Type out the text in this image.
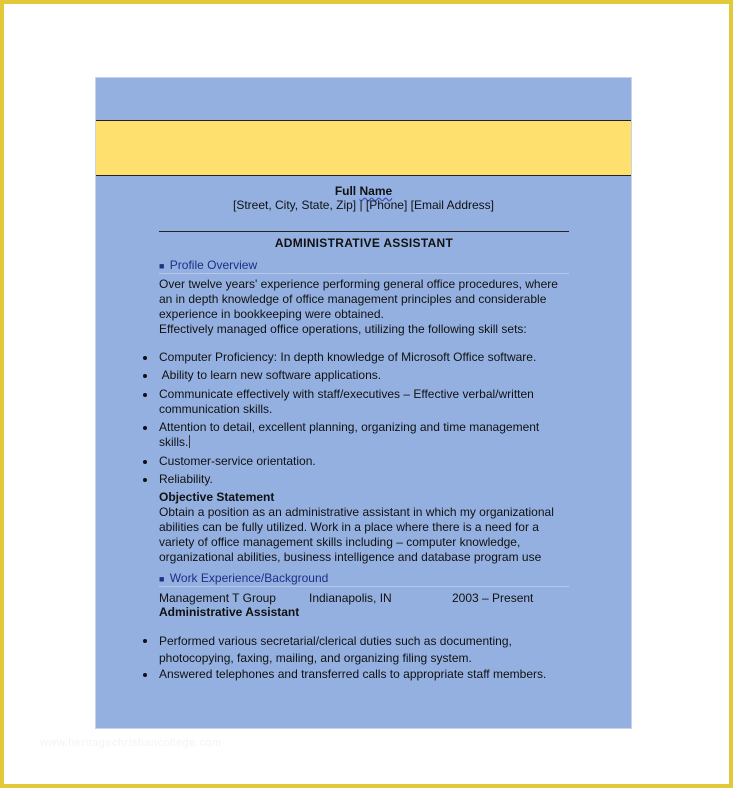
Full Name
[Street, City, State, Zip] | [Phone] [Email Address]
ADMINISTRATIVE ASSISTANT
■ Profile Overview
Over twelve years' experience performing general office procedures, where
an in depth knowledge of office management principles and considerable
experience in bookkeeping were obtained.
Effectively managed office operations, utilizing the following skill sets:
Computer Proficiency: In depth knowledge of Microsoft Office software.
Ability to learn new software applications.
Communicate effectively with staff/executives – Effective verbal/written
communication skills.
Attention to detail, excellent planning, organizing and time management
skills.
Customer-service orientation.
Reliability.
Objective Statement
Obtain a position as an administrative assistant in which my organizational
abilities can be fully utilized. Work in a place where there is a need for a
variety of office management skills including – computer knowledge,
organizational abilities, business intelligence and database program use
■ Work Experience/Background
Management T Group	Indianapolis, IN	2003 – Present
Administrative Assistant
Performed various secretarial/clerical duties such as documenting,
photocopying, faxing, mailing, and organizing filing system.
Answered telephones and transferred calls to appropriate staff members.
www.heritagechristiancollege.com
